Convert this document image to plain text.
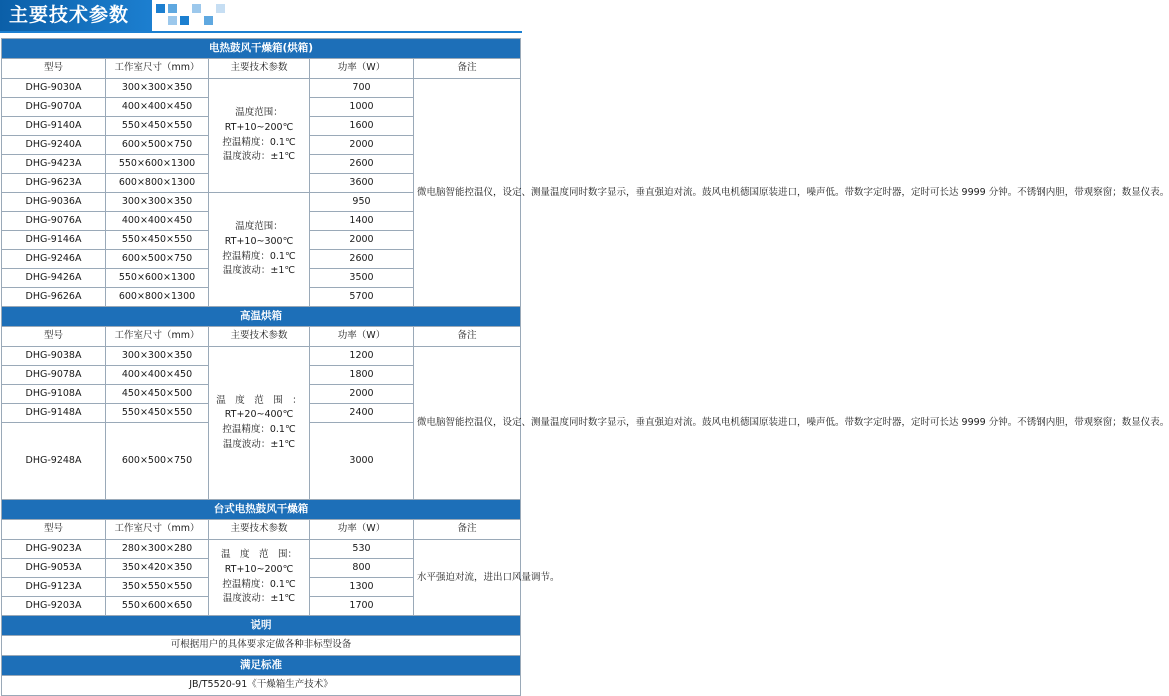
主要技术参数
电热鼓风干燥箱(烘箱)				
型号	工作室尺寸（mm）	主要技术参数	功率（W）	备注
DHG-9030A	300×300×350	温度范围：
RT+10~200℃
控温精度：0.1℃
温度波动：±1℃	700	微电脑智能控温仪，设定、测量温度同时数字显示，垂直强迫对流。鼓风电机德国原装进口，噪声低。带数字定时器，定时可长达 9999 分钟。不锈钢内胆，带观察窗；数显仪表。
DHG-9070A	400×400×450		1000	
DHG-9140A	550×450×550		1600	
DHG-9240A	600×500×750		2000	
DHG-9423A	550×600×1300		2600	
DHG-9623A	600×800×1300		3600	
DHG-9036A	300×300×350	温度范围：
RT+10~300℃
控温精度：0.1℃
温度波动：±1℃	950	
DHG-9076A	400×400×450		1400	
DHG-9146A	550×450×550		2000	
DHG-9246A	600×500×750		2600	
DHG-9426A	550×600×1300		3500	
DHG-9626A	600×800×1300		5700	
高温烘箱				
型号	工作室尺寸（mm）	主要技术参数	功率（W）	备注
DHG-9038A	300×300×350	温　度　范　围　：
RT+20~400℃
控温精度：0.1℃
温度波动：±1℃	1200	微电脑智能控温仪，设定、测量温度同时数字显示，垂直强迫对流。鼓风电机德国原装进口，噪声低。带数字定时器，定时可长达 9999 分钟。不锈钢内胆，带观察窗；数显仪表。
DHG-9078A	400×400×450		1800	
DHG-9108A	450×450×500		2000	
DHG-9148A	550×450×550		2400	
DHG-9248A	600×500×750		3000	
台式电热鼓风干燥箱				
型号	工作室尺寸（mm）	主要技术参数	功率（W）	备注
DHG-9023A	280×300×280	温　度　范　围：
RT+10~200℃
控温精度：0.1℃
温度波动：±1℃	530	水平强迫对流，进出口风量调节。
DHG-9053A	350×420×350		800	
DHG-9123A	350×550×550		1300	
DHG-9203A	550×600×650		1700	
说明				
可根据用户的具体要求定做各种非标型设备				
满足标准				
JB/T5520-91《干燥箱生产技术》				
